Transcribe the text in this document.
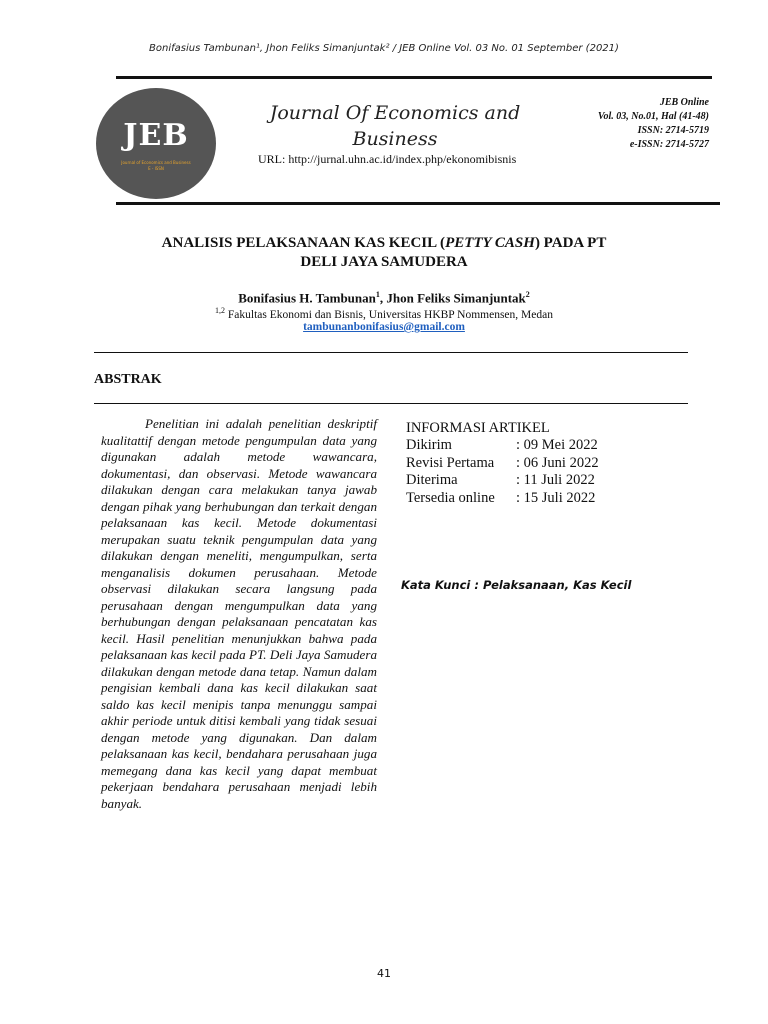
Bonifasius Tambunan¹, Jhon Feliks Simanjuntak² / JEB Online Vol. 03 No. 01 September (2021)
JEB
Journal of Economics and Business
E - ISSN
Journal Of Economics and
Business
URL: http://jurnal.uhn.ac.id/index.php/ekonomibisnis
JEB Online
Vol. 03, No.01, Hal (41-48)
ISSN: 2714-5719
e-ISSN: 2714-5727
ANALISIS PELAKSANAAN KAS KECIL (PETTY CASH) PADA PT
DELI JAYA SAMUDERA
Bonifasius H. Tambunan$^1$, Jhon Feliks Simanjuntak$^2$
$^{1,2}$ Fakultas Ekonomi dan Bisnis, Universitas HKBP Nommensen, Medan
tambunanbonifasius@gmail.com
ABSTRAK
Penelitian ini adalah penelitian deskriptif kualitattif dengan metode pengumpulan data yang digunakan adalah metode wawancara, dokumentasi, dan observasi. Metode wawancara dilakukan dengan cara melakukan tanya jawab dengan pihak yang berhubungan dan terkait dengan pelaksanaan kas kecil. Metode dokumentasi merupakan suatu teknik pengumpulan data yang dilakukan dengan meneliti, mengumpulkan, serta menganalisis dokumen perusahaan. Metode observasi dilakukan secara langsung pada perusahaan dengan mengumpulkan data yang berhubungan dengan pelaksanaan pencatatan kas kecil. Hasil penelitian menunjukkan bahwa pada pelaksanaan kas kecil pada PT. Deli Jaya Samudera dilakukan dengan metode dana tetap. Namun dalam pengisian kembali dana kas kecil dilakukan saat saldo kas kecil menipis tanpa menunggu sampai akhir periode untuk ditisi kembali yang tidak sesuai dengan metode yang digunakan. Dan dalam pelaksanaan kas kecil, bendahara perusahaan juga memegang dana kas kecil yang dapat membuat pekerjaan bendahara perusahaan menjadi lebih banyak.
INFORMASI ARTIKEL
Dikirim	: 09 Mei 2022
Revisi Pertama	: 06 Juni 2022
Diterima	: 11 Juli 2022
Tersedia online	: 15 Juli 2022
Kata Kunci : Pelaksanaan, Kas Kecil
41
